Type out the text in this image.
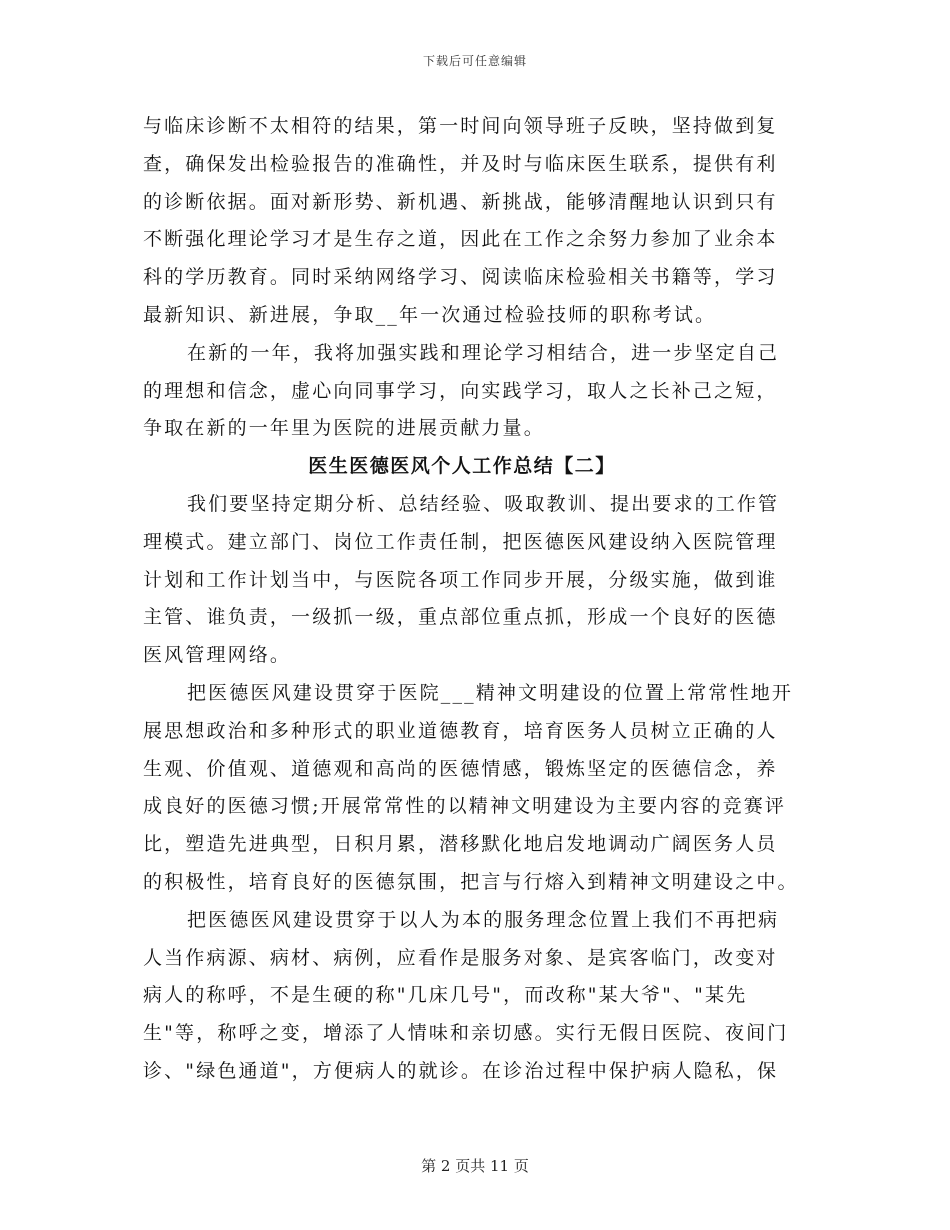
下载后可任意编辑
与临床诊断不太相符的结果，第一时间向领导班子反映，坚持做到复
查，确保发出检验报告的准确性，并及时与临床医生联系，提供有利
的诊断依据。面对新形势、新机遇、新挑战，能够清醒地认识到只有
不断强化理论学习才是生存之道，因此在工作之余努力参加了业余本
科的学历教育。同时采纳网络学习、阅读临床检验相关书籍等，学习
最新知识、新进展，争取__年一次通过检验技师的职称考试。
在新的一年，我将加强实践和理论学习相结合，进一步坚定自己
的理想和信念，虚心向同事学习，向实践学习，取人之长补己之短，
争取在新的一年里为医院的进展贡献力量。
医生医德医风个人工作总结【二】
我们要坚持定期分析、总结经验、吸取教训、提出要求的工作管
理模式。建立部门、岗位工作责任制，把医德医风建设纳入医院管理
计划和工作计划当中，与医院各项工作同步开展，分级实施，做到谁
主管、谁负责，一级抓一级，重点部位重点抓，形成一个良好的医德
医风管理网络。
把医德医风建设贯穿于医院___精神文明建设的位置上常常性地开
展思想政治和多种形式的职业道德教育，培育医务人员树立正确的人
生观、价值观、道德观和高尚的医德情感，锻炼坚定的医德信念，养
成良好的医德习惯;开展常常性的以精神文明建设为主要内容的竞赛评
比，塑造先进典型，日积月累，潜移默化地启发地调动广阔医务人员
的积极性，培育良好的医德氛围，把言与行熔入到精神文明建设之中。
把医德医风建设贯穿于以人为本的服务理念位置上我们不再把病
人当作病源、病材、病例，应看作是服务对象、是宾客临门，改变对
病人的称呼，不是生硬的称"几床几号"，而改称"某大爷"、"某先
生"等，称呼之变，增添了人情味和亲切感。实行无假日医院、夜间门
诊、"绿色通道"，方便病人的就诊。在诊治过程中保护病人隐私，保
第 2 页共 11 页
